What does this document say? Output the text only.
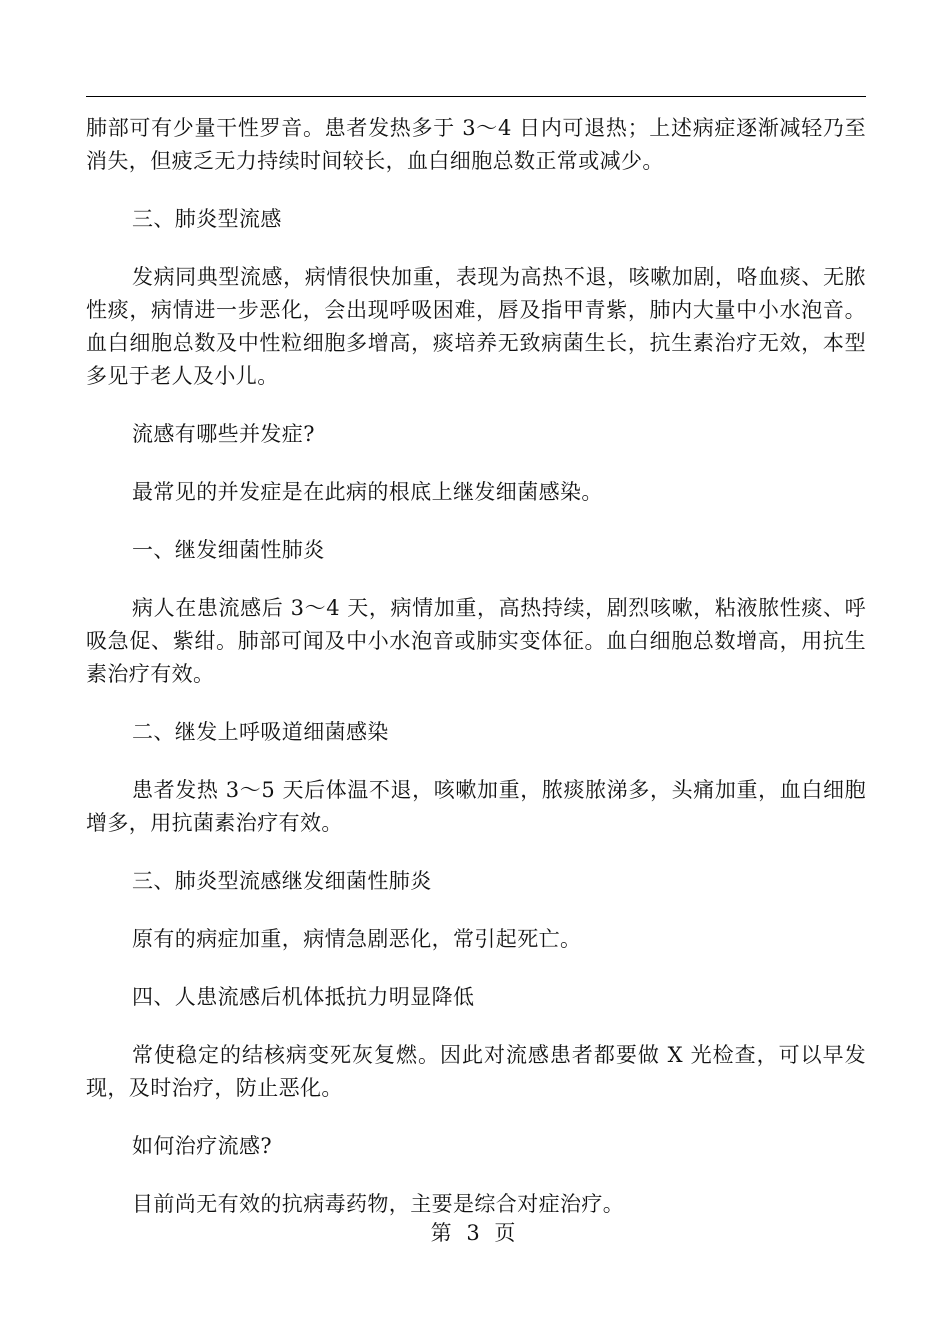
肺部可有少量干性罗音。患者发热多于 3～4 日内可退热；上述病症逐渐减轻乃至消失，但疲乏无力持续时间较长，血白细胞总数正常或减少。

三、肺炎型流感

发病同典型流感，病情很快加重，表现为高热不退，咳嗽加剧，咯血痰、无脓性痰，病情进一步恶化，会出现呼吸困难，唇及指甲青紫，肺内大量中小水泡音。血白细胞总数及中性粒细胞多增高，痰培养无致病菌生长，抗生素治疗无效，本型多见于老人及小儿。

流感有哪些并发症?

最常见的并发症是在此病的根底上继发细菌感染。

一、继发细菌性肺炎

病人在患流感后 3～4 天，病情加重，高热持续，剧烈咳嗽，粘液脓性痰、呼吸急促、紫绀。肺部可闻及中小水泡音或肺实变体征。血白细胞总数增高，用抗生素治疗有效。

二、继发上呼吸道细菌感染

患者发热 3～5 天后体温不退，咳嗽加重，脓痰脓涕多，头痛加重，血白细胞增多，用抗菌素治疗有效。

三、肺炎型流感继发细菌性肺炎

原有的病症加重，病情急剧恶化，常引起死亡。

四、人患流感后机体抵抗力明显降低

常使稳定的结核病变死灰复燃。因此对流感患者都要做 X 光检查，可以早发现，及时治疗，防止恶化。

如何治疗流感?

目前尚无有效的抗病毒药物，主要是综合对症治疗。

第 3 页
